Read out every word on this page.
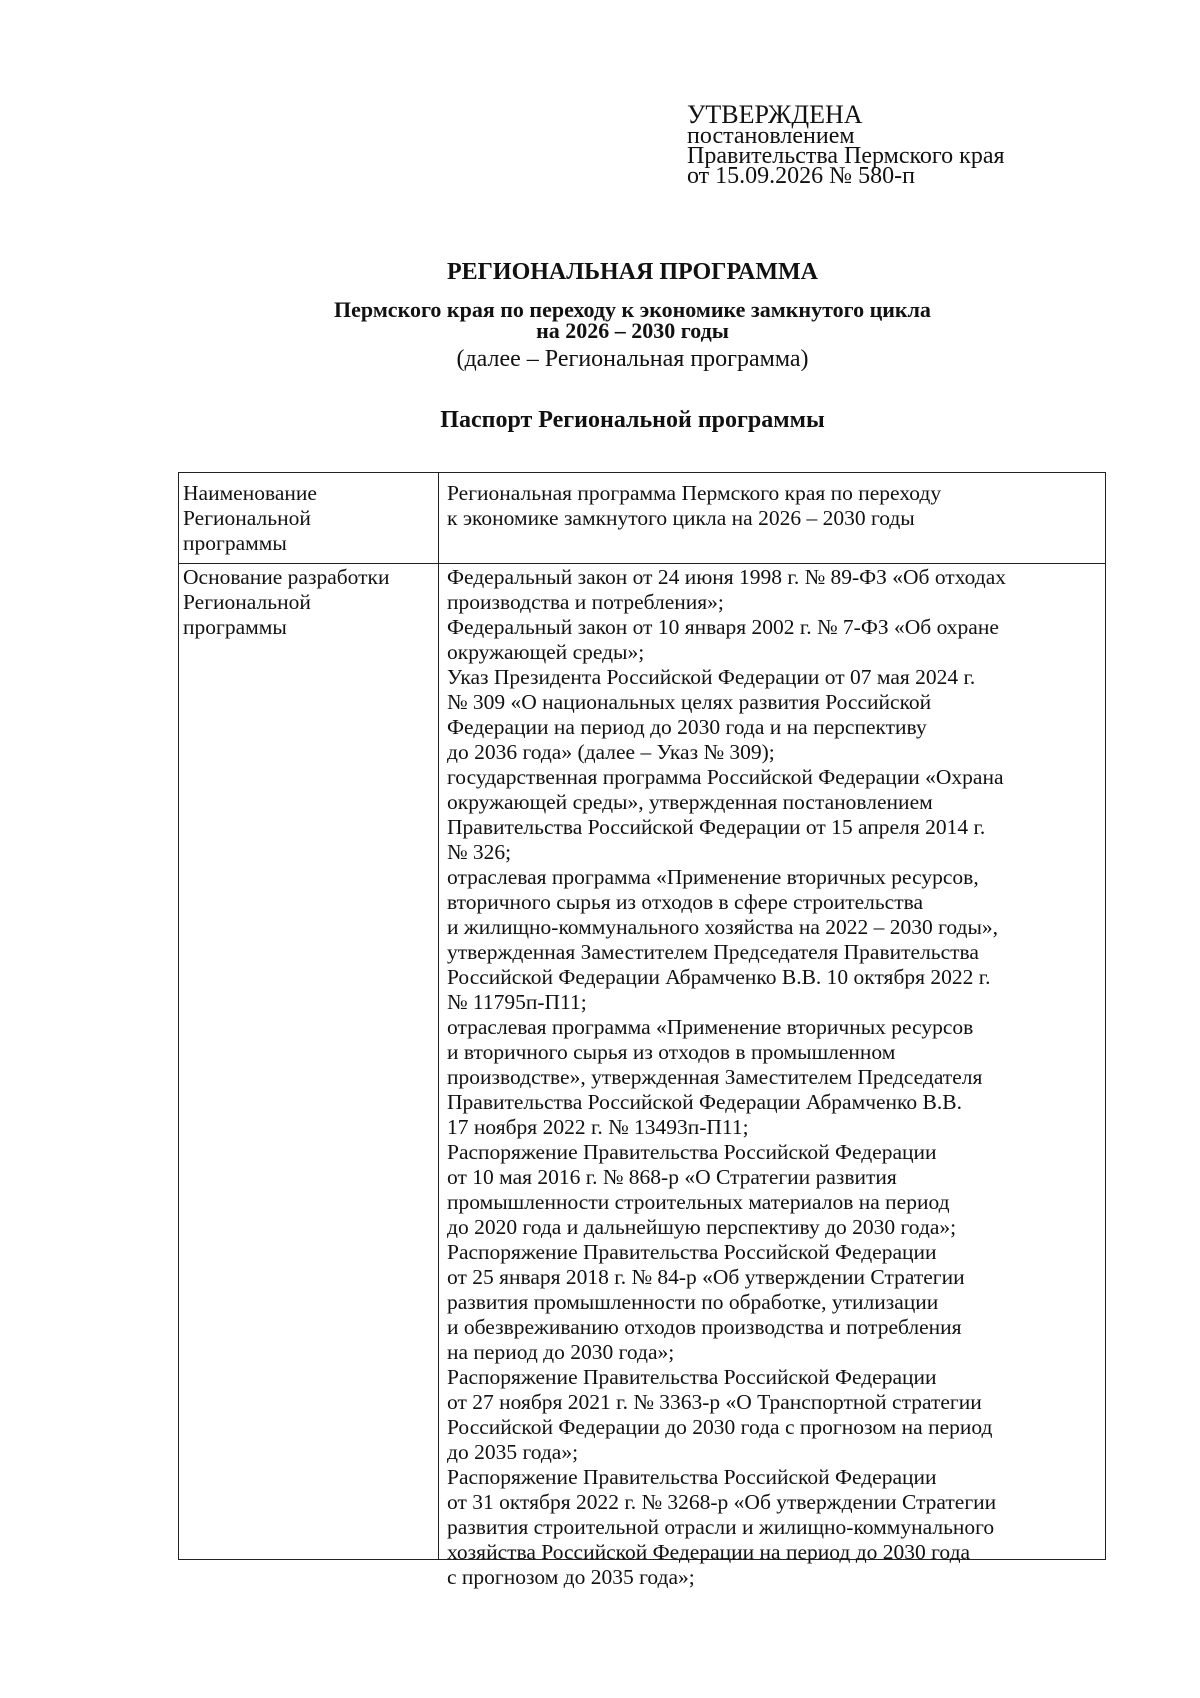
УТВЕРЖДЕНА
постановлением
Правительства Пермского края
от 15.09.2026 № 580-п
РЕГИОНАЛЬНАЯ ПРОГРАММА
Пермского края по переходу к экономике замкнутого цикла
на 2026 – 2030 годы
(далее – Региональная программа)
Паспорт Региональной программы
Наименование
Региональной
программы
Региональная программа Пермского края по переходу
к экономике замкнутого цикла на 2026 – 2030 годы
Основание разработки
Региональной
программы
Федеральный закон от 24 июня 1998 г. № 89-ФЗ «Об отходах
производства и потребления»;
Федеральный закон от 10 января 2002 г. № 7-ФЗ «Об охране
окружающей среды»;
Указ Президента Российской Федерации от 07 мая 2024 г.
№ 309 «О национальных целях развития Российской
Федерации на период до 2030 года и на перспективу
до 2036 года» (далее – Указ № 309);
государственная программа Российской Федерации «Охрана
окружающей среды», утвержденная постановлением
Правительства Российской Федерации от 15 апреля 2014 г.
№ 326;
отраслевая программа «Применение вторичных ресурсов,
вторичного сырья из отходов в сфере строительства
и жилищно-коммунального хозяйства на 2022 – 2030 годы»,
утвержденная Заместителем Председателя Правительства
Российской Федерации Абрамченко В.В. 10 октября 2022 г.
№ 11795п-П11;
отраслевая программа «Применение вторичных ресурсов
и вторичного сырья из отходов в промышленном
производстве», утвержденная Заместителем Председателя
Правительства Российской Федерации Абрамченко В.В.
17 ноября 2022 г. № 13493п-П11;
Распоряжение Правительства Российской Федерации
от 10 мая 2016 г. № 868-р «О Стратегии развития
промышленности строительных материалов на период
до 2020 года и дальнейшую перспективу до 2030 года»;
Распоряжение Правительства Российской Федерации
от 25 января 2018 г. № 84-р «Об утверждении Стратегии
развития промышленности по обработке, утилизации
и обезвреживанию отходов производства и потребления
на период до 2030 года»;
Распоряжение Правительства Российской Федерации
от 27 ноября 2021 г. № 3363-р «О Транспортной стратегии
Российской Федерации до 2030 года с прогнозом на период
до 2035 года»;
Распоряжение Правительства Российской Федерации
от 31 октября 2022 г. № 3268-р «Об утверждении Стратегии
развития строительной отрасли и жилищно-коммунального
хозяйства Российской Федерации на период до 2030 года
с прогнозом до 2035 года»;
